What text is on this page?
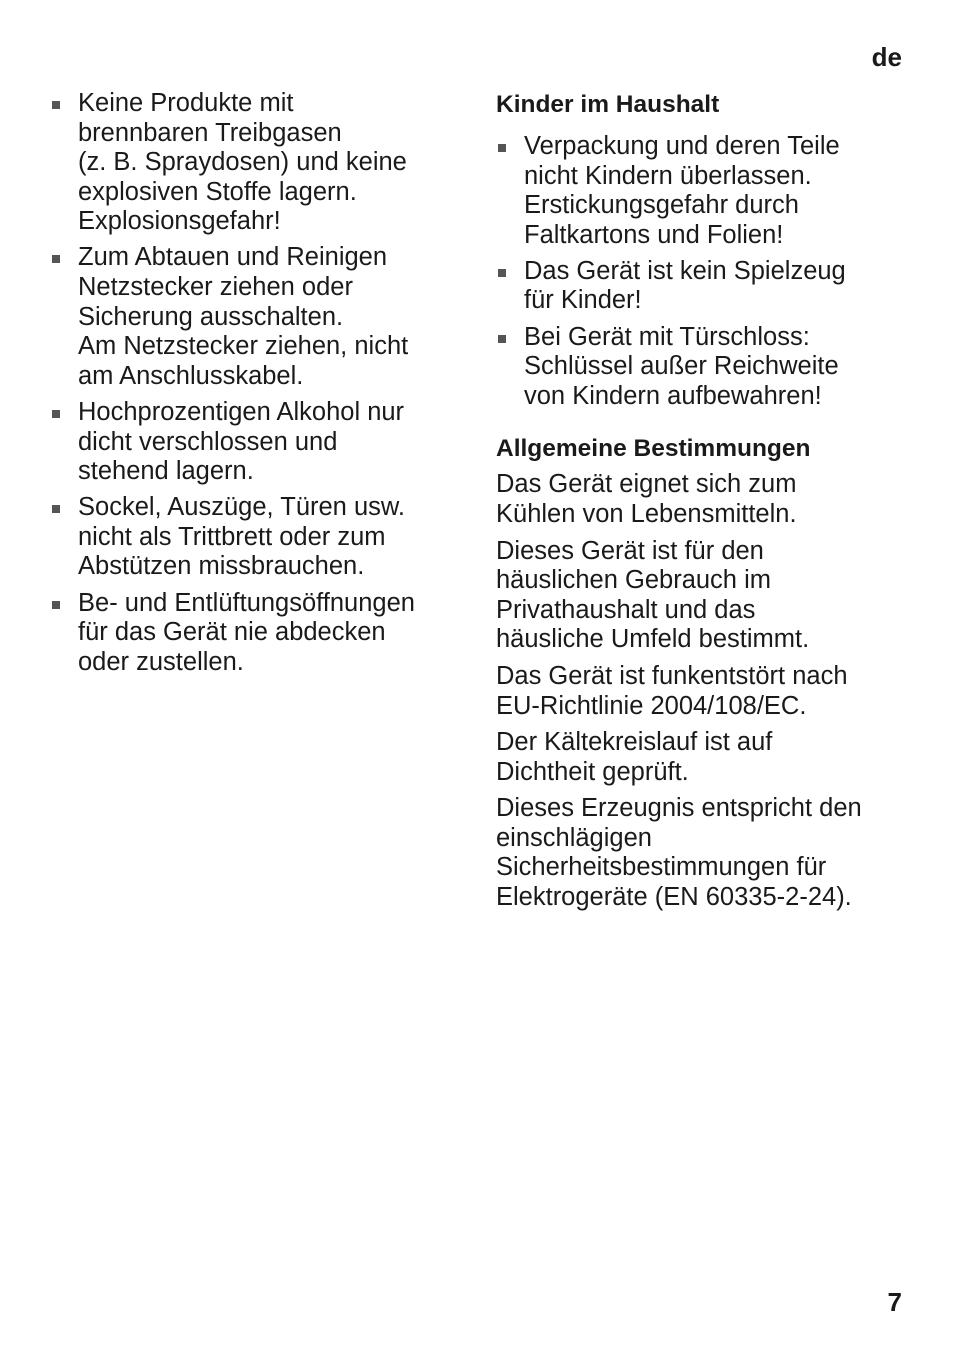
de
Keine Produkte mit
brennbaren Treibgasen
(z. B. Spraydosen) und keine
explosiven Stoffe lagern.
Explosionsgefahr!
Zum Abtauen und Reinigen
Netzstecker ziehen oder
Sicherung ausschalten.
Am Netzstecker ziehen, nicht
am Anschlusskabel.
Hochprozentigen Alkohol nur
dicht verschlossen und
stehend lagern.
Sockel, Auszüge, Türen usw.
nicht als Trittbrett oder zum
Abstützen missbrauchen.
Be- und Entlüftungsöffnungen
für das Gerät nie abdecken
oder zustellen.
Kinder im Haushalt
Verpackung und deren Teile
nicht Kindern überlassen.
Erstickungsgefahr durch
Faltkartons und Folien!
Das Gerät ist kein Spielzeug
für Kinder!
Bei Gerät mit Türschloss:
Schlüssel außer Reichweite
von Kindern aufbewahren!
Allgemeine Bestimmungen

Das Gerät eignet sich zum
Kühlen von Lebensmitteln.

Dieses Gerät ist für den
häuslichen Gebrauch im
Privathaushalt und das
häusliche Umfeld bestimmt.

Das Gerät ist funkentstört nach
EU-Richtlinie 2004/108/EC.

Der Kältekreislauf ist auf
Dichtheit geprüft.

Dieses Erzeugnis entspricht den
einschlägigen
Sicherheitsbestimmungen für
Elektrogeräte (EN 60335-2-24).

7
